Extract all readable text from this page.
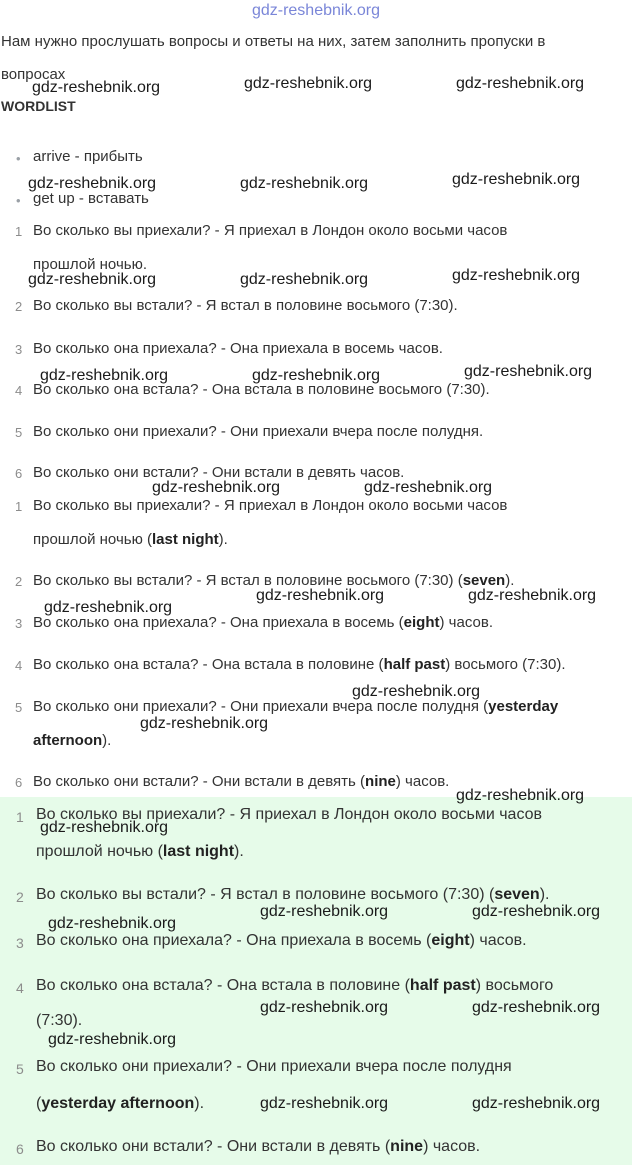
gdz-reshebnik.org
Нам нужно прослушать вопросы и ответы на них, затем заполнить пропуски в
вопросах
WORDLIST
• arrive - прибыть
• get up - вставать
1 Во сколько вы приехали? - Я приехал в Лондон около восьми часов
прошлой ночью.
2 Во сколько вы встали? - Я встал в половине восьмого (7:30).
3 Во сколько она приехала? - Она приехала в восемь часов.
4 Во сколько она встала? - Она встала в половине восьмого (7:30).
5 Во сколько они приехали? - Они приехали вчера после полудня.
6 Во сколько они встали? - Они встали в девять часов.
1 Во сколько вы приехали? - Я приехал в Лондон около восьми часов
прошлой ночью (last night).
2 Во сколько вы встали? - Я встал в половине восьмого (7:30) (seven).
3 Во сколько она приехала? - Она приехала в восемь (eight) часов.
4 Во сколько она встала? - Она встала в половине (half past) восьмого (7:30).
5 Во сколько они приехали? - Они приехали вчера после полудня (yesterday
afternoon).
6 Во сколько они встали? - Они встали в девять (nine) часов.
1 Во сколько вы приехали? - Я приехал в Лондон около восьми часов
прошлой ночью (last night).
2 Во сколько вы встали? - Я встал в половине восьмого (7:30) (seven).
3 Во сколько она приехала? - Она приехала в восемь (eight) часов.
4 Во сколько она встала? - Она встала в половине (half past) восьмого
(7:30).
5 Во сколько они приехали? - Они приехали вчера после полудня
(yesterday afternoon).
6 Во сколько они встали? - Они встали в девять (nine) часов.
gdz-reshebnik.org	gdz-reshebnik.org	gdz-reshebnik.org
gdz-reshebnik.org	gdz-reshebnik.org	gdz-reshebnik.org
gdz-reshebnik.org	gdz-reshebnik.org	gdz-reshebnik.org
gdz-reshebnik.org	gdz-reshebnik.org	gdz-reshebnik.org
gdz-reshebnik.org	gdz-reshebnik.org
gdz-reshebnik.org
gdz-reshebnik.org	gdz-reshebnik.org
gdz-reshebnik.org
gdz-reshebnik.org
gdz-reshebnik.org
gdz-reshebnik.org
gdz-reshebnik.org	gdz-reshebnik.org
gdz-reshebnik.org
gdz-reshebnik.org	gdz-reshebnik.org
gdz-reshebnik.org
gdz-reshebnik.org	gdz-reshebnik.org
